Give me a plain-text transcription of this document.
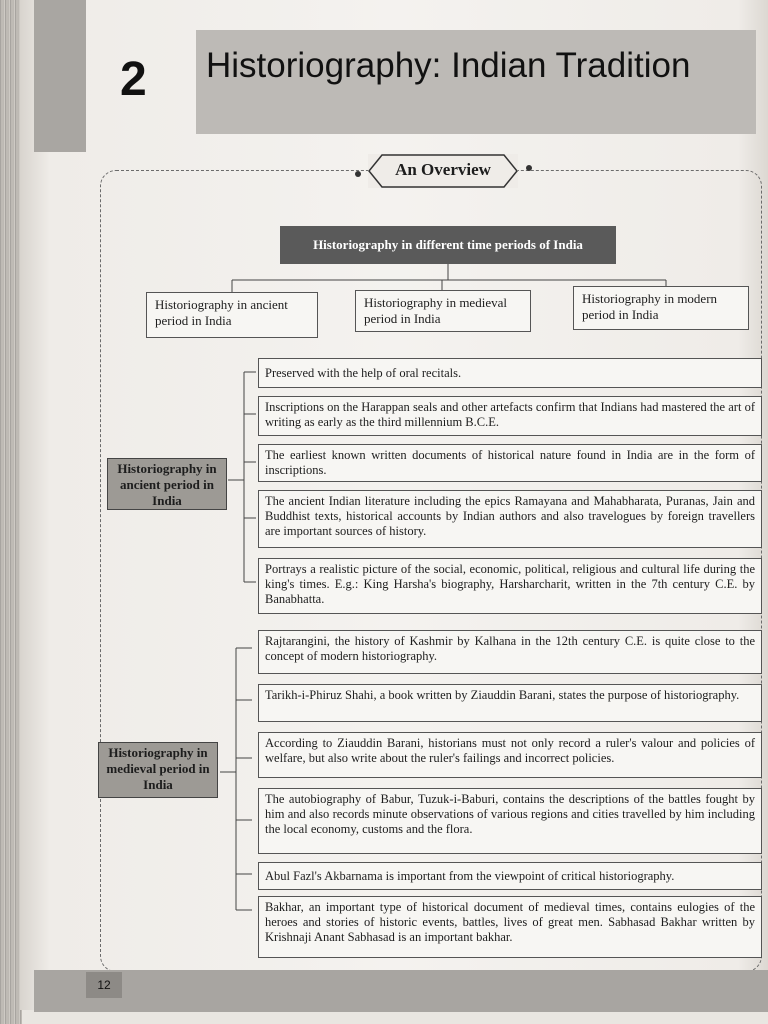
2 Historiography: Indian Tradition
An Overview
Historiography in different time periods of India
Historiography in ancient period in India
Historiography in medieval period in India
Historiography in modern period in India
Historiography in ancient period in India
Preserved with the help of oral recitals.
Inscriptions on the Harappan seals and other artefacts confirm that Indians had mastered the art of writing as early as the third millennium B.C.E.
The earliest known written documents of historical nature found in India are in the form of inscriptions.
The ancient Indian literature including the epics Ramayana and Mahabharata, Puranas, Jain and Buddhist texts, historical accounts by Indian authors and also travelogues by foreign travellers are important sources of history.
Portrays a realistic picture of the social, economic, political, religious and cultural life during the king's times. E.g.: King Harsha's biography, Harsharcharit, written in the 7th century C.E. by Banabhatta.
Historiography in medieval period in India
Rajtarangini, the history of Kashmir by Kalhana in the 12th century C.E. is quite close to the concept of modern historiography.
Tarikh-i-Phiruz Shahi, a book written by Ziauddin Barani, states the purpose of historiography.
According to Ziauddin Barani, historians must not only record a ruler's valour and policies of welfare, but also write about the ruler's failings and incorrect policies.
The autobiography of Babur, Tuzuk-i-Baburi, contains the descriptions of the battles fought by him and also records minute observations of various regions and cities travelled by him including the local economy, customs and the flora.
Abul Fazl's Akbarnama is important from the viewpoint of critical historiography.
Bakhar, an important type of historical document of medieval times, contains eulogies of the heroes and stories of historic events, battles, lives of great men. Sabhasad Bakhar written by Krishnaji Anant Sabhasad is an important bakhar.
12
